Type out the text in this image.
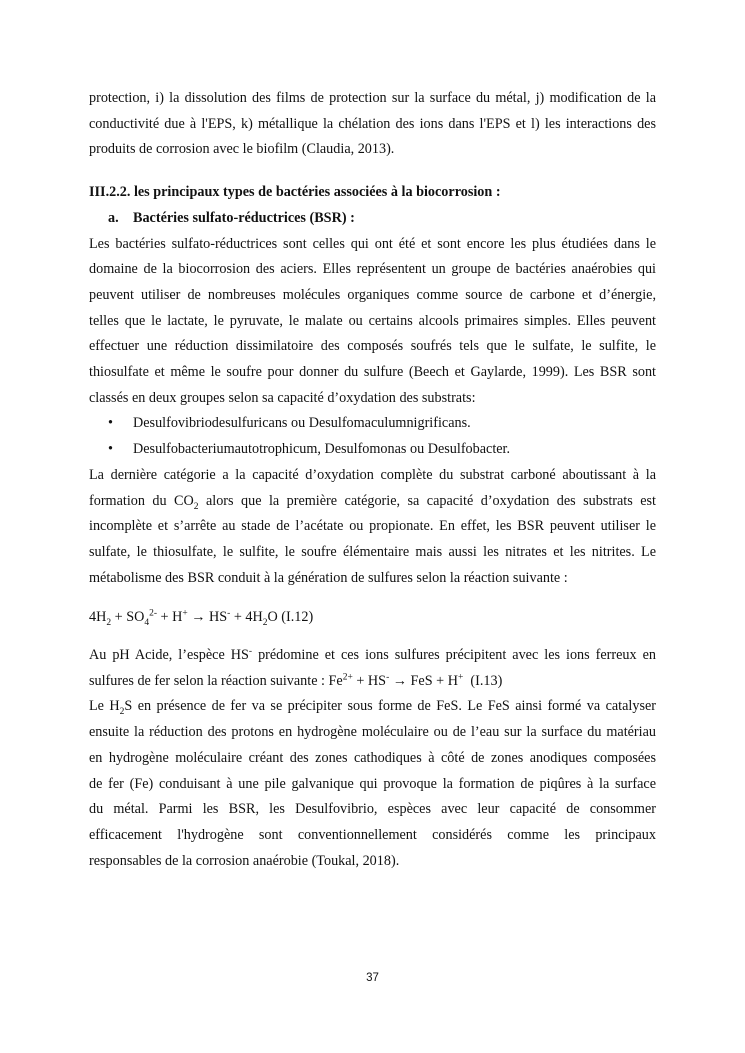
protection, i) la dissolution des films de protection sur la surface du métal, j) modification de la

conductivité due à l'EPS, k) métallique la chélation des ions dans l'EPS et l) les interactions des

produits de corrosion avec le biofilm (Claudia, 2013).

III.2.2. les principaux types de bactéries associées à la biocorrosion :

a. Bactéries sulfato-réductrices (BSR) :

Les bactéries sulfato-réductrices sont celles qui ont été et sont encore les plus étudiées dans le

domaine de la biocorrosion des aciers. Elles représentent un groupe de bactéries anaérobies qui

peuvent utiliser de nombreuses molécules organiques comme source de carbone et d’énergie,

telles que le lactate, le pyruvate, le malate ou certains alcools primaires simples. Elles peuvent

effectuer une réduction dissimilatoire des composés soufrés tels que le sulfate, le sulfite, le

thiosulfate et même le soufre pour donner du sulfure (Beech et Gaylarde, 1999). Les BSR sont

classés en deux groupes selon sa capacité d’oxydation des substrats:

• Desulfovibriodesulfuricans ou Desulfomaculumnigrificans.
• Desulfobacteriumautotrophicum, Desulfomonas ou Desulfobacter.

La dernière catégorie a la capacité d’oxydation complète du substrat carboné aboutissant à la

formation du $CO_2$ alors que la première catégorie, sa capacité d’oxydation des substrats est

incomplète et s’arrête au stade de l’acétate ou propionate. En effet, les BSR peuvent utiliser le

sulfate, le thiosulfate, le sulfite, le soufre élémentaire mais aussi les nitrates et les nitrites. Le

métabolisme des BSR conduit à la génération de sulfures selon la réaction suivante :

$4H_2 + SO_4^{2-} + H^+ \to HS^- + 4H_2O$ (I.12)

Au pH Acide, l’espèce HS- prédomine et ces ions sulfures précipitent avec les ions ferreux en

sulfures de fer selon la réaction suivante : $Fe^{2+} + HS^-$ → FeS + H+  (I.13)

Le $H_2S$ en présence de fer va se précipiter sous forme de FeS. Le FeS ainsi formé va catalyser

ensuite la réduction des protons en hydrogène moléculaire ou de l’eau sur la surface du matériau

en hydrogène moléculaire créant des zones cathodiques à côté de zones anodiques composées

de fer (Fe) conduisant à une pile galvanique qui provoque la formation de piqûres à la surface

du métal. Parmi les BSR, les Desulfovibrio, espèces avec leur capacité de consommer

efficacement l'hydrogène sont conventionnellement considérés comme les principaux

responsables de la corrosion anaérobie (Toukal, 2018).

37
